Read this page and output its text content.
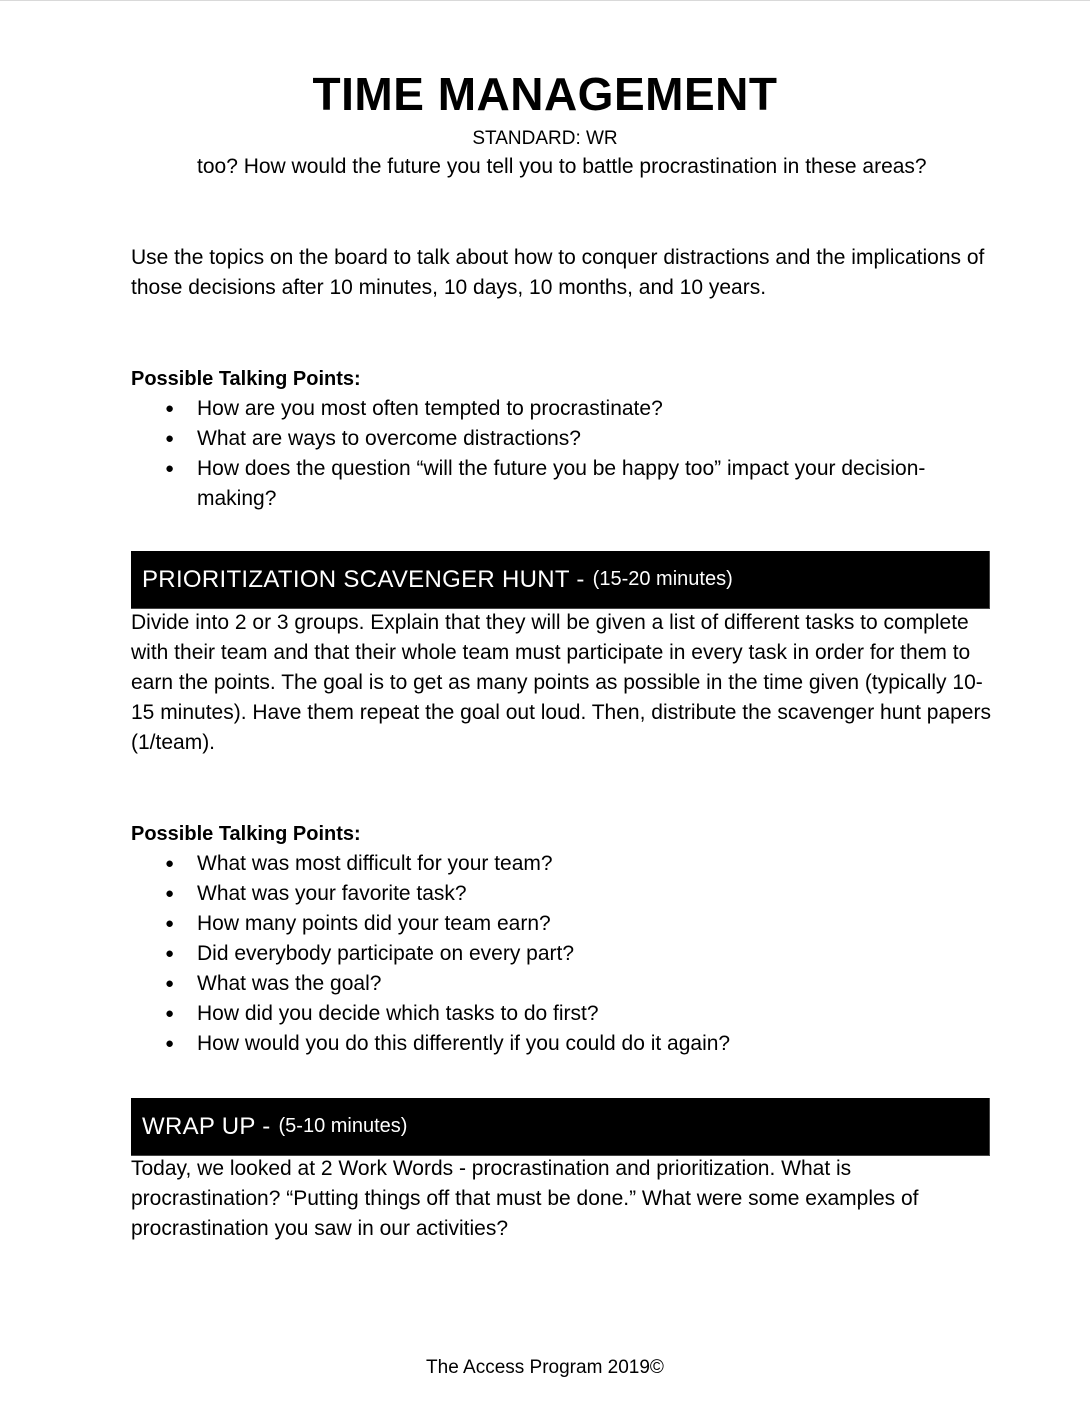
TIME MANAGEMENT
STANDARD: WR

too? How would the future you tell you to battle procrastination in these areas?

Use the topics on the board to talk about how to conquer distractions and the implications of those decisions after 10 minutes, 10 days, 10 months, and 10 years.

Possible Talking Points:
● How are you most often tempted to procrastinate?
● What are ways to overcome distractions?
● How does the question “will the future you be happy too” impact your decision-making?
PRIORITIZATION SCAVENGER HUNT - (15-20 minutes)

Divide into 2 or 3 groups. Explain that they will be given a list of different tasks to complete with their team and that their whole team must participate in every task in order for them to earn the points. The goal is to get as many points as possible in the time given (typically 10-15 minutes). Have them repeat the goal out loud. Then, distribute the scavenger hunt papers (1/team).

Possible Talking Points:
● What was most difficult for your team?
● What was your favorite task?
● How many points did your team earn?
● Did everybody participate on every part?
● What was the goal?
● How did you decide which tasks to do first?
● How would you do this differently if you could do it again?
WRAP UP - (5-10 minutes)

Today, we looked at 2 Work Words - procrastination and prioritization. What is procrastination? “Putting things off that must be done.” What were some examples of procrastination you saw in our activities?

The Access Program 2019©
